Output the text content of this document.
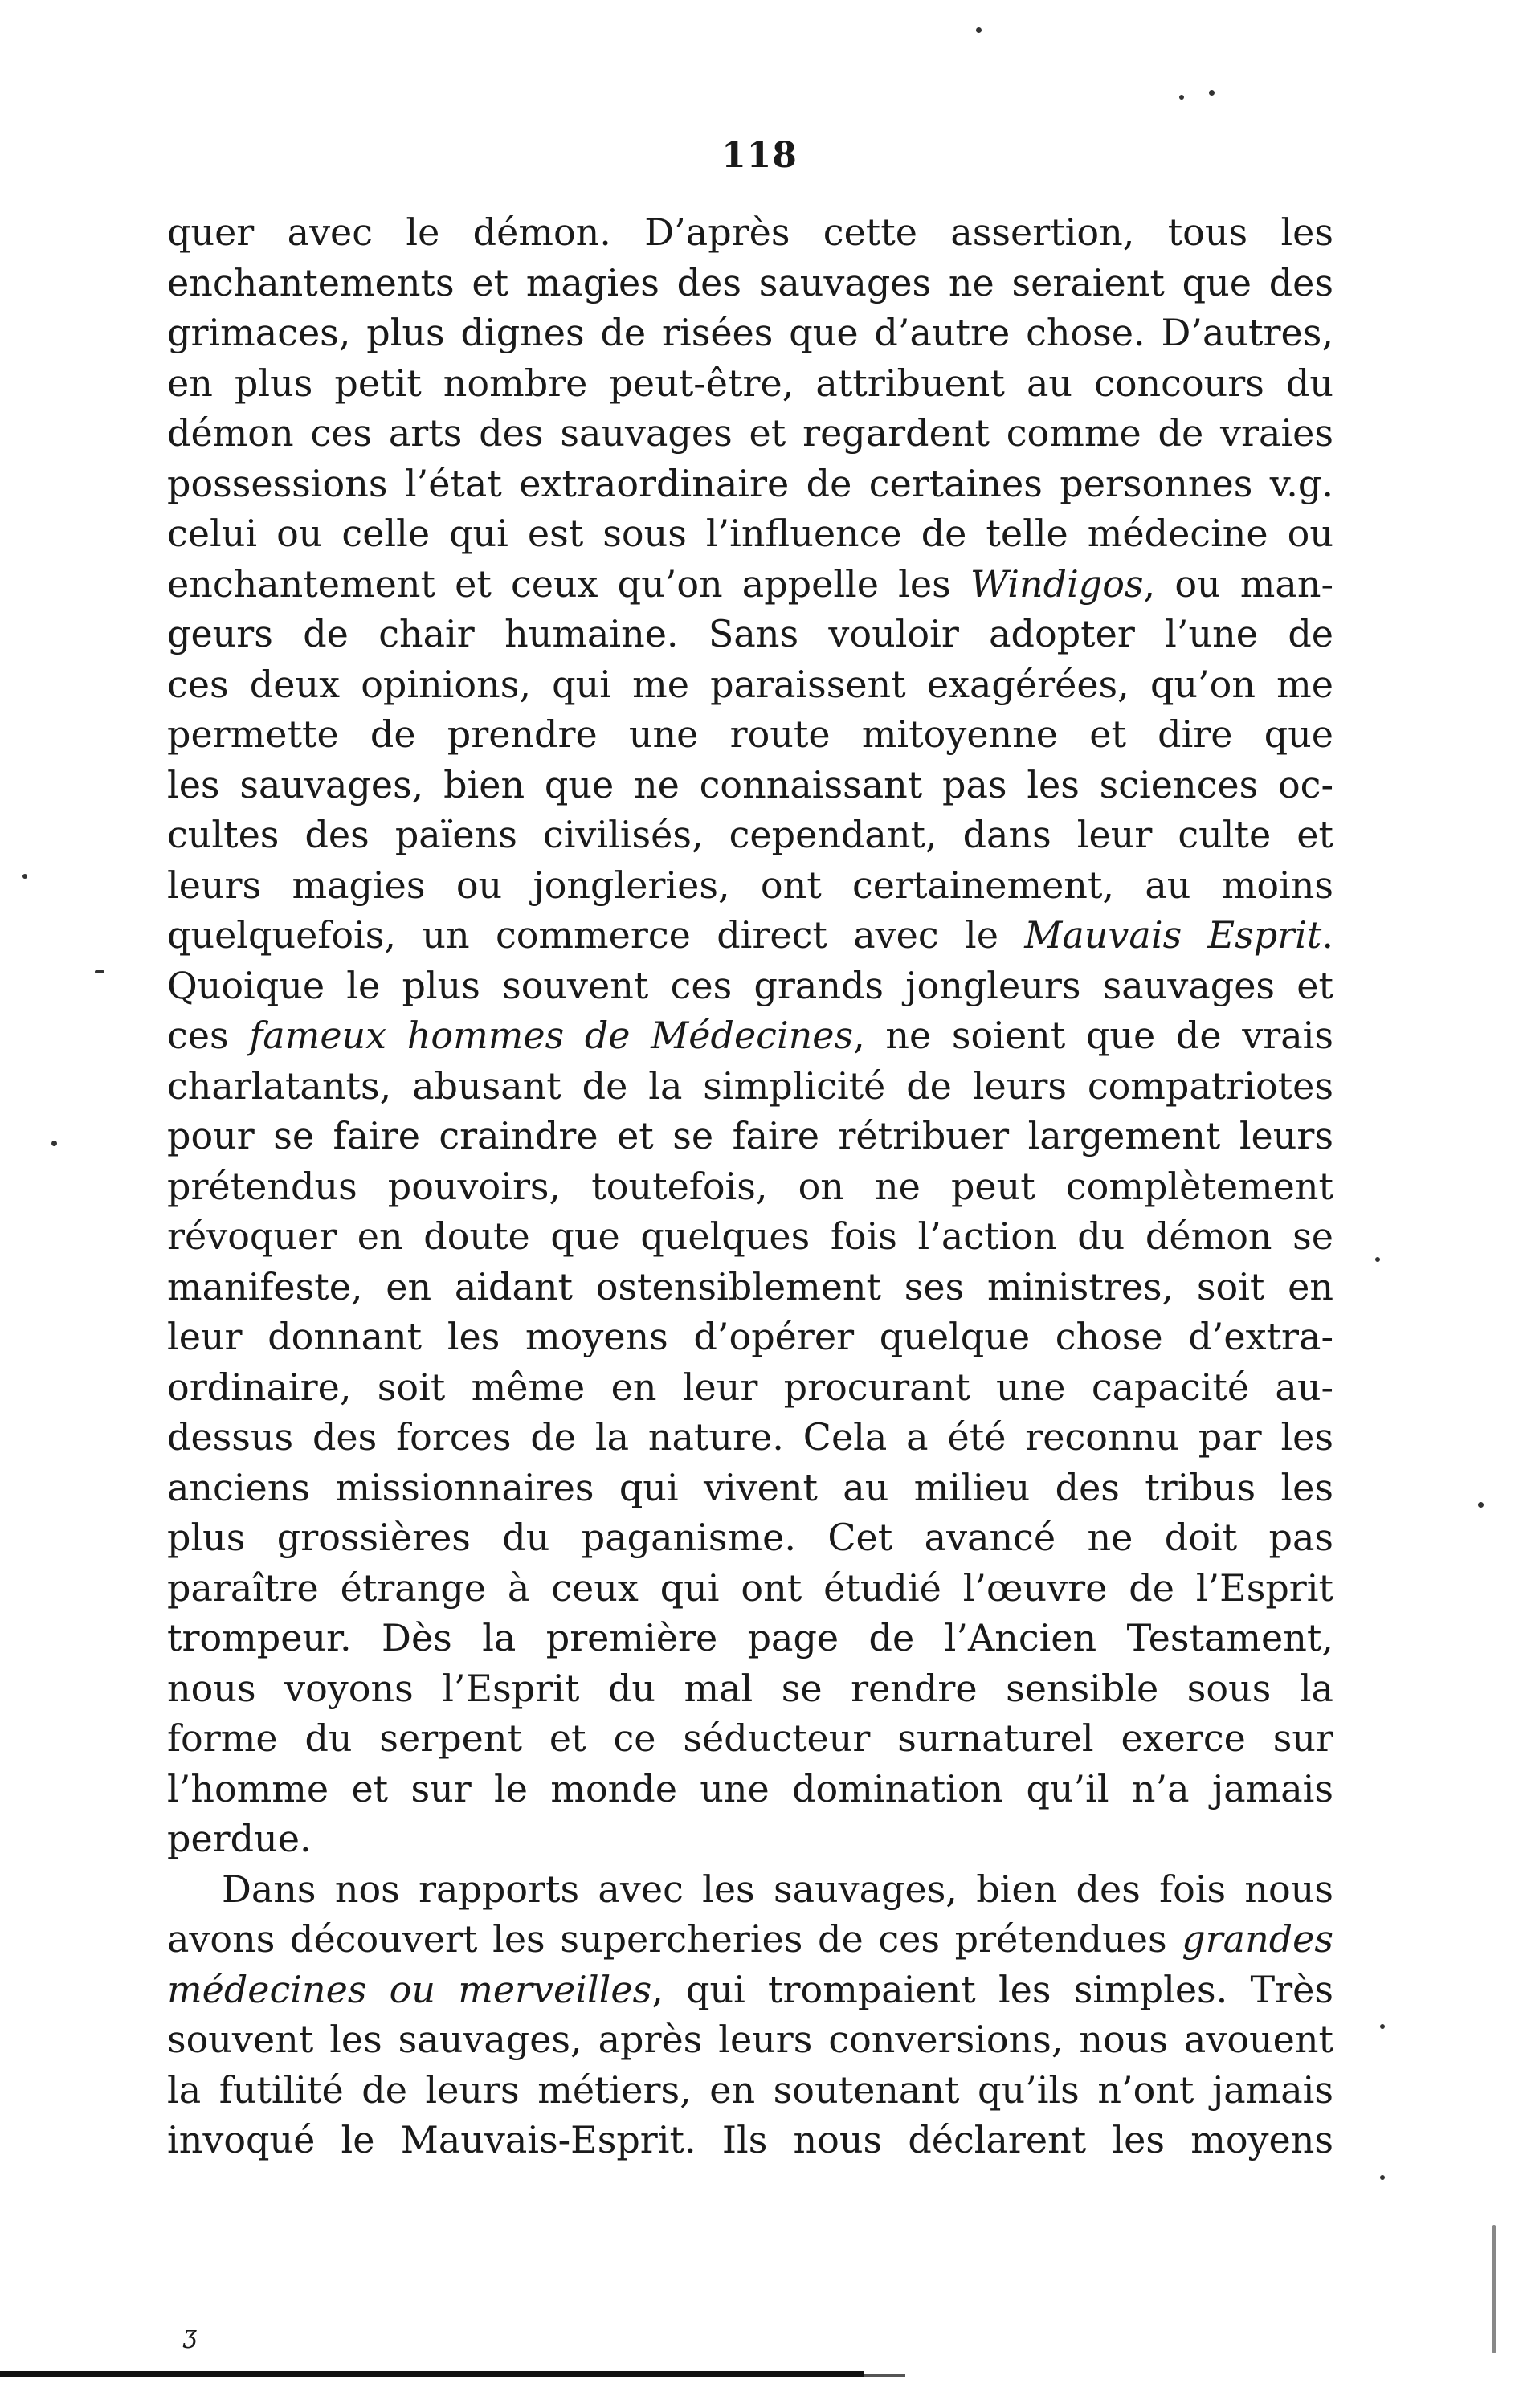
118
quer avec le démon. D’après cette assertion, tous les
enchantements et magies des sauvages ne seraient que des
grimaces, plus dignes de risées que d’autre chose. D’autres,
en plus petit nombre peut-être, attribuent au concours du
démon ces arts des sauvages et regardent comme de vraies
possessions l’état extraordinaire de certaines personnes v.g.
celui ou celle qui est sous l’influence de telle médecine ou
enchantement et ceux qu’on appelle les Windigos, ou man-
geurs de chair humaine. Sans vouloir adopter l’une de
ces deux opinions, qui me paraissent exagérées, qu’on me
permette de prendre une route mitoyenne et dire que
les sauvages, bien que ne connaissant pas les sciences oc-
cultes des païens civilisés, cependant, dans leur culte et
leurs magies ou jongleries, ont certainement, au moins
quelquefois, un commerce direct avec le Mauvais Esprit.
Quoique le plus souvent ces grands jongleurs sauvages et
ces fameux hommes de Médecines, ne soient que de vrais
charlatants, abusant de la simplicité de leurs compatriotes
pour se faire craindre et se faire rétribuer largement leurs
prétendus pouvoirs, toutefois, on ne peut complètement
révoquer en doute que quelques fois l’action du démon se
manifeste, en aidant ostensiblement ses ministres, soit en
leur donnant les moyens d’opérer quelque chose d’extra-
ordinaire, soit même en leur procurant une capacité au-
dessus des forces de la nature. Cela a été reconnu par les
anciens missionnaires qui vivent au milieu des tribus les
plus grossières du paganisme. Cet avancé ne doit pas
paraître étrange à ceux qui ont étudié l’œuvre de l’Esprit
trompeur. Dès la première page de l’Ancien Testament,
nous voyons l’Esprit du mal se rendre sensible sous la
forme du serpent et ce séducteur surnaturel exerce sur
l’homme et sur le monde une domination qu’il n’a jamais
perdue.
Dans nos rapports avec les sauvages, bien des fois nous
avons découvert les supercheries de ces prétendues grandes
médecines ou merveilles, qui trompaient les simples. Très
souvent les sauvages, après leurs conversions, nous avouent
la futilité de leurs métiers, en soutenant qu’ils n’ont jamais
invoqué le Mauvais-Esprit. Ils nous déclarent les moyens
ʒ
